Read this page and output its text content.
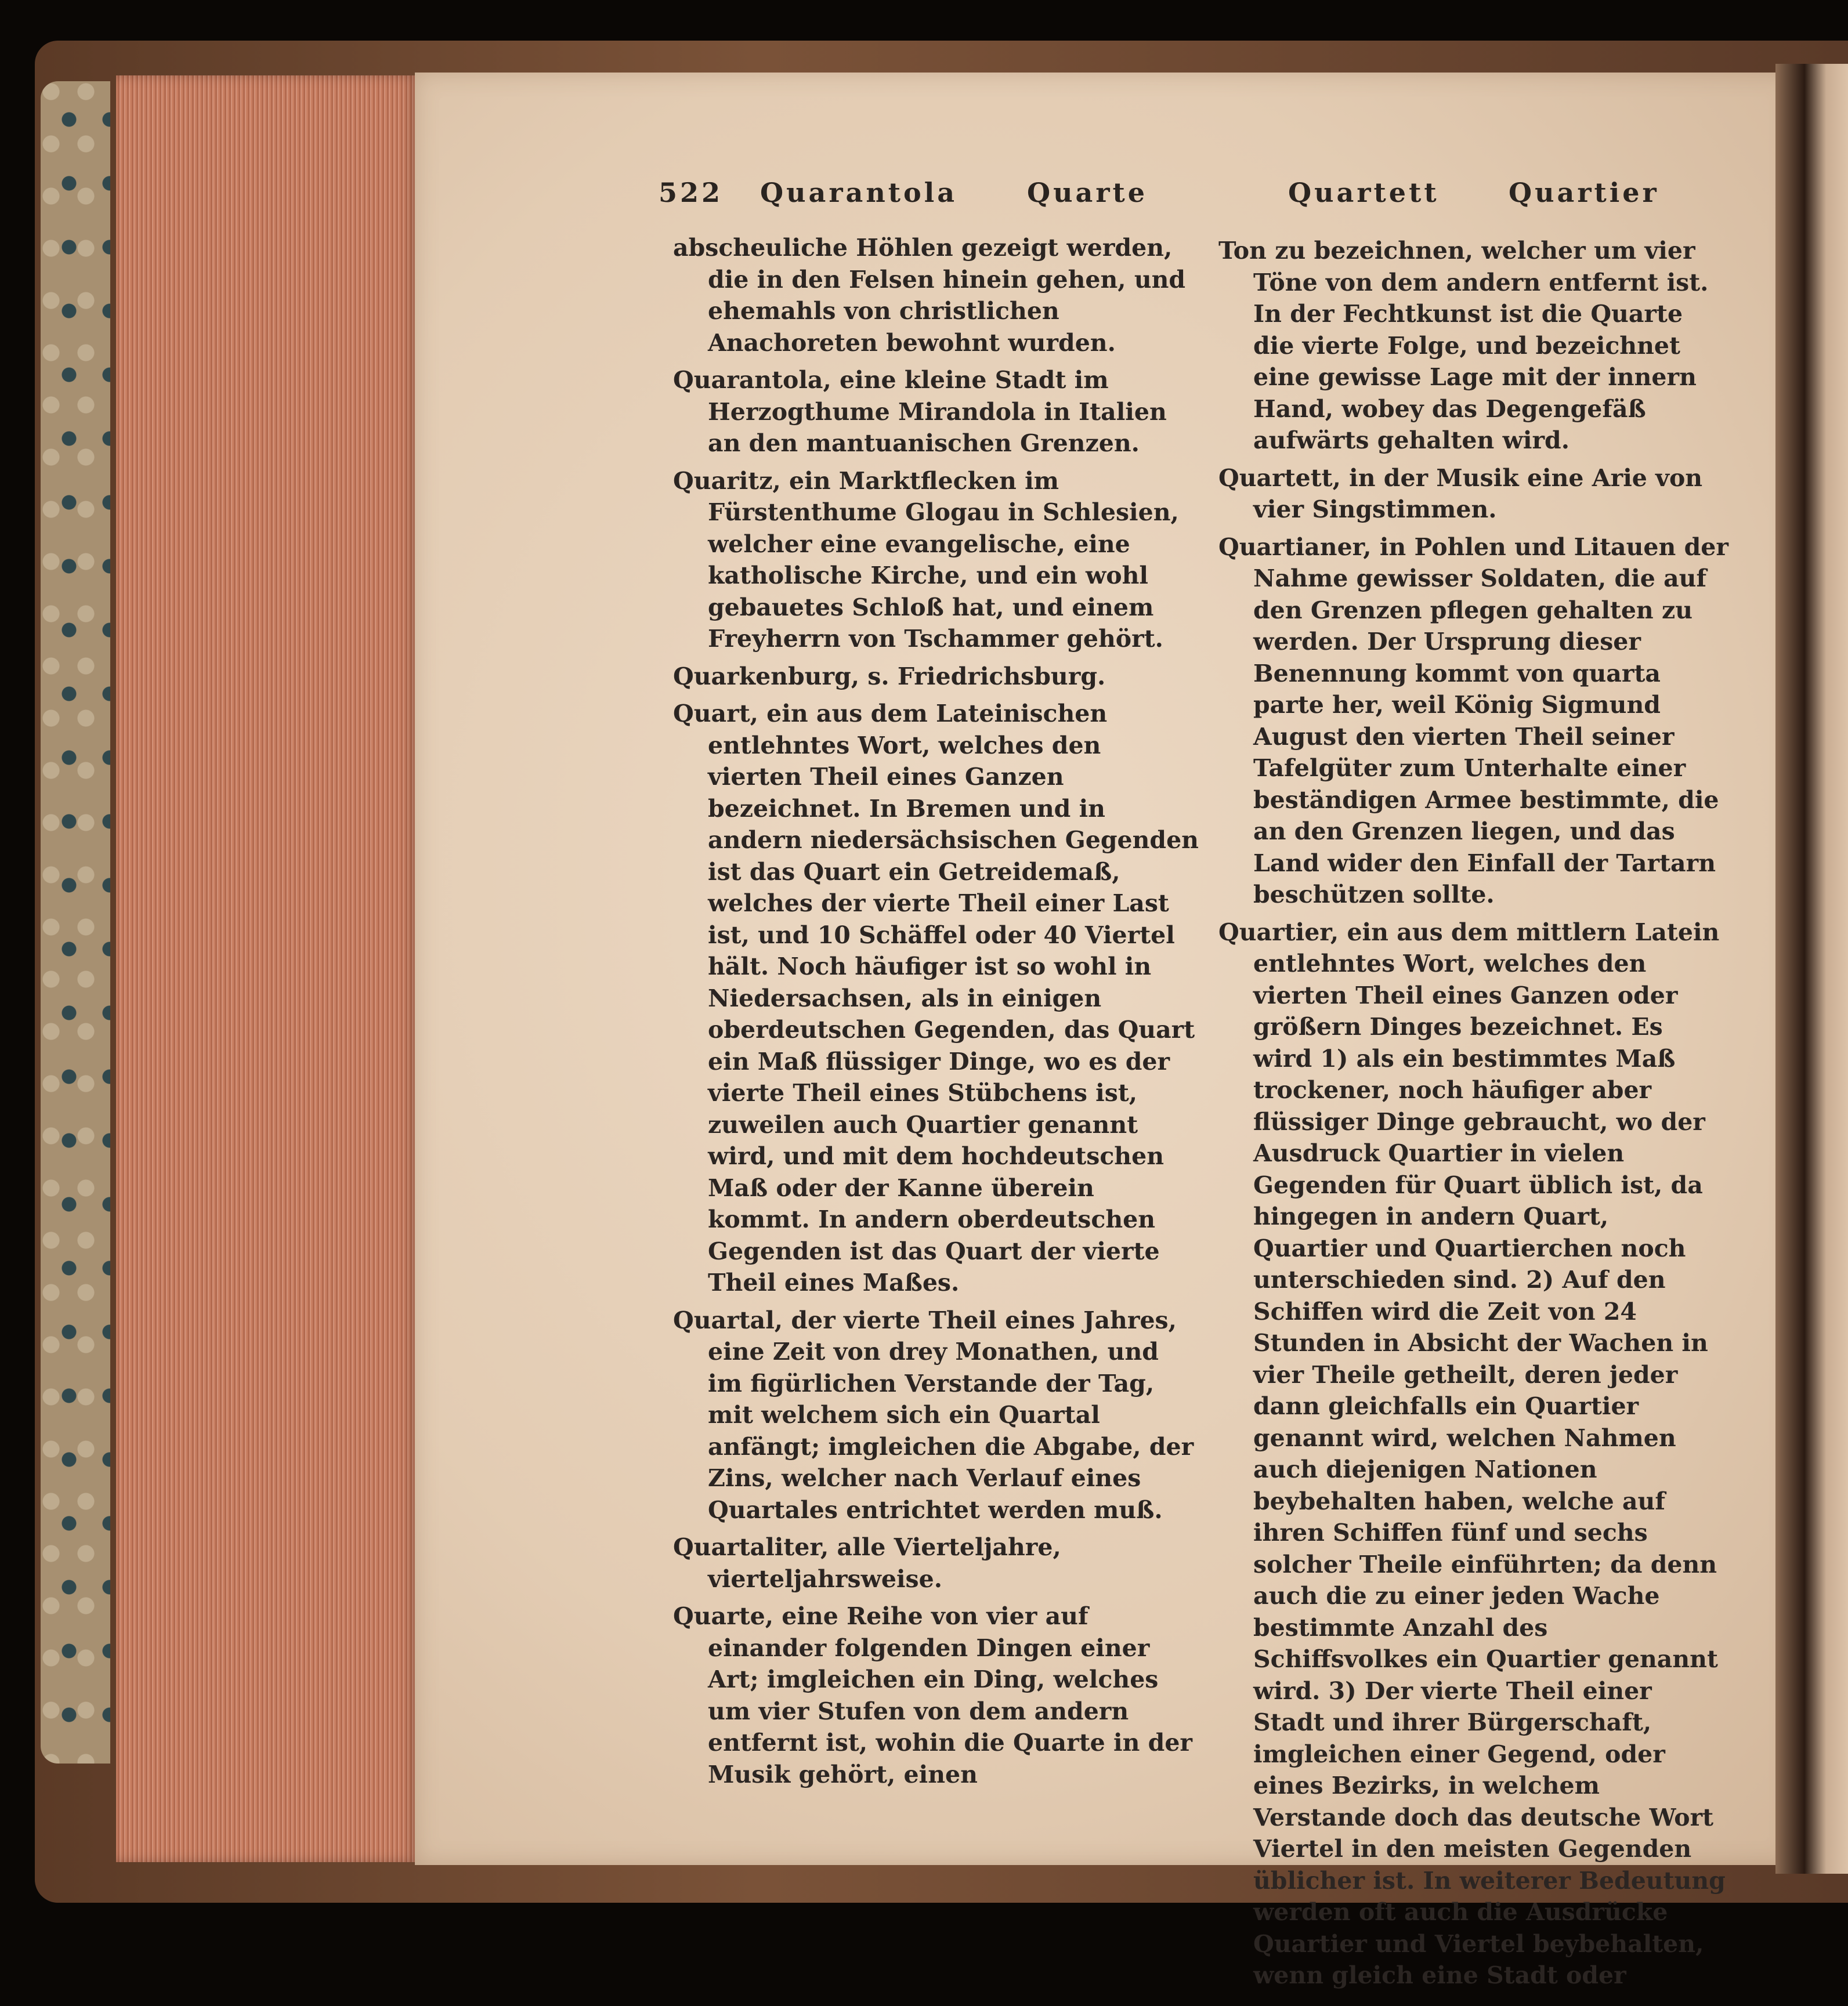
522 Quarantola	Quarte	Quartett	Quartier

abscheuliche Höhlen gezeigt werden, die in den Felsen hinein gehen, und ehemahls von christlichen Anachoreten bewohnt wurden.

Quarantola, eine kleine Stadt im Herzogthume Mirandola in Italien an den mantuanischen Grenzen.

Quaritz, ein Marktflecken im Fürstenthume Glogau in Schlesien, welcher eine evangelische, eine katholische Kirche, und ein wohl gebauetes Schloß hat, und einem Freyherrn von Tschammer gehört.

Quarkenburg, s. Friedrichsburg.

Quart, ein aus dem Lateinischen entlehntes Wort, welches den vierten Theil eines Ganzen bezeichnet. In Bremen und in andern niedersächsischen Gegenden ist das Quart ein Getreidemaß, welches der vierte Theil einer Last ist, und 10 Schäffel oder 40 Viertel hält. Noch häufiger ist so wohl in Niedersachsen, als in einigen oberdeutschen Gegenden, das Quart ein Maß flüssiger Dinge, wo es der vierte Theil eines Stübchens ist, zuweilen auch Quartier genannt wird, und mit dem hochdeutschen Maß oder der Kanne überein kommt. In andern oberdeutschen Gegenden ist das Quart der vierte Theil eines Maßes.

Quartal, der vierte Theil eines Jahres, eine Zeit von drey Monathen, und im figürlichen Verstande der Tag, mit welchem sich ein Quartal anfängt; imgleichen die Abgabe, der Zins, welcher nach Verlauf eines Quartales entrichtet werden muß.

Quartaliter, alle Vierteljahre, vierteljahrsweise.

Quarte, eine Reihe von vier auf einander folgenden Dingen einer Art; imgleichen ein Ding, welches um vier Stufen von dem andern entfernt ist, wohin die Quarte in der Musik gehört, einen

Ton zu bezeichnen, welcher um vier Töne von dem andern entfernt ist. In der Fechtkunst ist die Quarte die vierte Folge, und bezeichnet eine gewisse Lage mit der innern Hand, wobey das Degengefäß aufwärts gehalten wird.

Quartett, in der Musik eine Arie von vier Singstimmen.

Quartianer, in Pohlen und Litauen der Nahme gewisser Soldaten, die auf den Grenzen pflegen gehalten zu werden. Der Ursprung dieser Benennung kommt von quarta parte her, weil König Sigmund August den vierten Theil seiner Tafelgüter zum Unterhalte einer beständigen Armee bestimmte, die an den Grenzen liegen, und das Land wider den Einfall der Tartarn beschützen sollte.

Quartier, ein aus dem mittlern Latein entlehntes Wort, welches den vierten Theil eines Ganzen oder größern Dinges bezeichnet. Es wird 1) als ein bestimmtes Maß trockener, noch häufiger aber flüssiger Dinge gebraucht, wo der Ausdruck Quartier in vielen Gegenden für Quart üblich ist, da hingegen in andern Quart, Quartier und Quartierchen noch unterschieden sind. 2) Auf den Schiffen wird die Zeit von 24 Stunden in Absicht der Wachen in vier Theile getheilt, deren jeder dann gleichfalls ein Quartier genannt wird, welchen Nahmen auch diejenigen Nationen beybehalten haben, welche auf ihren Schiffen fünf und sechs solcher Theile einführten; da denn auch die zu einer jeden Wache bestimmte Anzahl des Schiffsvolkes ein Quartier genannt wird. 3) Der vierte Theil einer Stadt und ihrer Bürgerschaft, imgleichen einer Gegend, oder eines Bezirks, in welchem Verstande doch das deutsche Wort Viertel in den meisten Gegenden üblicher ist. In weiterer Bedeutung werden oft auch die Ausdrücke Quartier und Viertel beybehalten, wenn gleich eine Stadt oder
